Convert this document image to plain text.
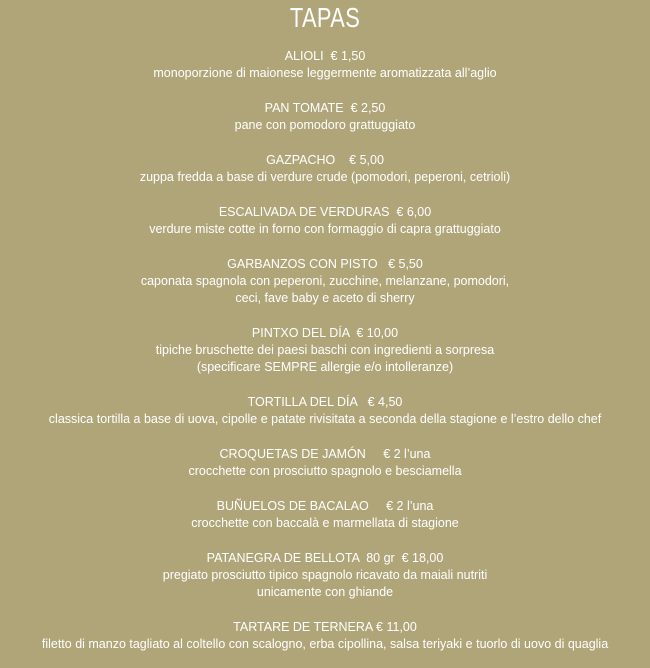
TAPAS
ALIOLI  € 1,50
monoporzione di maionese leggermente aromatizzata all’aglio
PAN TOMATE  € 2,50
pane con pomodoro grattuggiato
GAZPACHO    € 5,00
zuppa fredda a base di verdure crude (pomodori, peperoni, cetrioli)
ESCALIVADA DE VERDURAS  € 6,00
verdure miste cotte in forno con formaggio di capra grattuggiato
GARBANZOS CON PISTO   € 5,50
caponata spagnola con peperoni, zucchine, melanzane, pomodori,
ceci, fave baby e aceto di sherry
PINTXO DEL DÍA  € 10,00
tipiche bruschette dei paesi baschi con ingredienti a sorpresa
(specificare SEMPRE allergie e/o intolleranze)
TORTILLA DEL DÍA   € 4,50
classica tortilla a base di uova, cipolle e patate rivisitata a seconda della stagione e l’estro dello chef
CROQUETAS DE JAMÓN     € 2 l’una
crocchette con prosciutto spagnolo e besciamella
BUÑUELOS DE BACALAO     € 2 l’una
crocchette con baccalà e marmellata di stagione
PATANEGRA DE BELLOTA  80 gr  € 18,00
pregiato prosciutto tipico spagnolo ricavato da maiali nutriti
unicamente con ghiande
TARTARE DE TERNERA € 11,00
filetto di manzo tagliato al coltello con scalogno, erba cipollina, salsa teriyaki e tuorlo di uovo di quaglia
